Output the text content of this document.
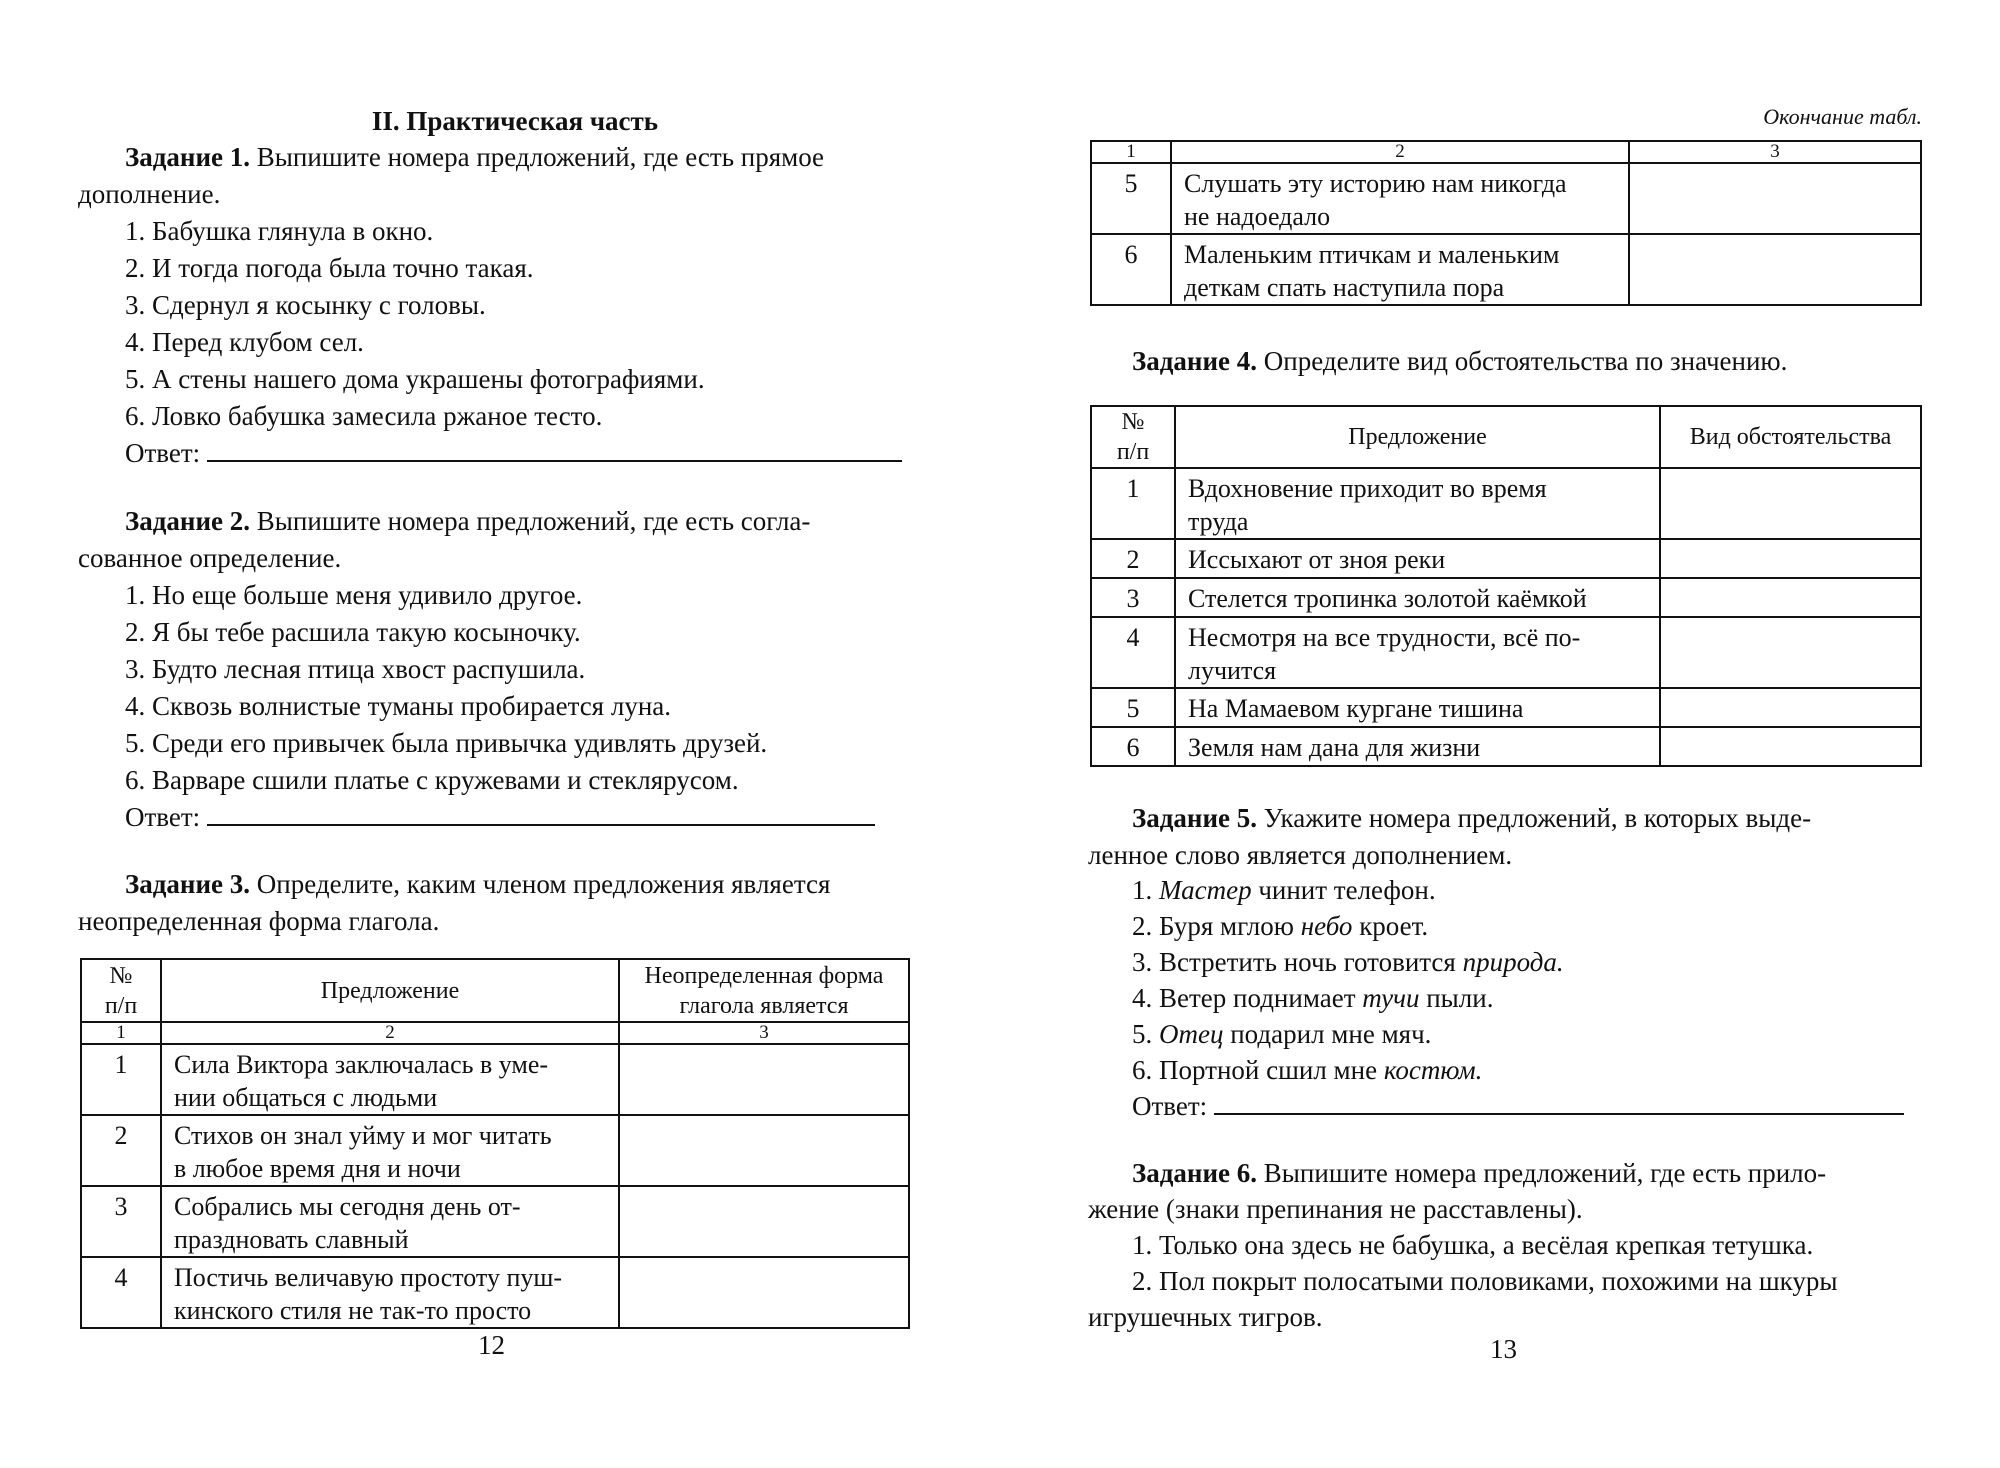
II. Практическая часть
Задание 1. Выпишите номера предложений, где есть прямое
дополнение.
1. Бабушка глянула в окно.
2. И тогда погода была точно такая.
3. Сдернул я косынку с головы.
4. Перед клубом сел.
5. А стены нашего дома украшены фотографиями.
6. Ловко бабушка замесила ржаное тесто.
Ответ:
Задание 2. Выпишите номера предложений, где есть согла-
сованное определение.
1. Но еще больше меня удивило другое.
2. Я бы тебе расшила такую косыночку.
3. Будто лесная птица хвост распушила.
4. Сквозь волнистые туманы пробирается луна.
5. Среди его привычек была привычка удивлять друзей.
6. Варваре сшили платье с кружевами и стеклярусом.
Ответ:
Задание 3. Определите, каким членом предложения является
неопределенная форма глагола.
№
п/п	Предложение	Неопределенная форма
глагола является
1	2	3
1	Сила Виктора заключалась в уме-
нии общаться с людьми	
2	Стихов он знал уйму и мог читать
в любое время дня и ночи	
3	Собрались мы сегодня день от-
праздновать славный	
4	Постичь величавую простоту пуш-
кинского стиля не так-то просто	
12
Окончание табл.
1	2	3
5	Слушать эту историю нам никогда
не надоедало	
6	Маленьким птичкам и маленьким
деткам спать наступила пора	
Задание 4. Определите вид обстоятельства по значению.
№
п/п	Предложение	Вид обстоятельства
1	Вдохновение приходит во время
труда	
2	Иссыхают от зноя реки	
3	Стелется тропинка золотой каёмкой	
4	Несмотря на все трудности, всё по-
лучится	
5	На Мамаевом кургане тишина	
6	Земля нам дана для жизни	
Задание 5. Укажите номера предложений, в которых выде-
ленное слово является дополнением.
1. Мастер чинит телефон.
2. Буря мглою небо кроет.
3. Встретить ночь готовится природа.
4. Ветер поднимает тучи пыли.
5. Отец подарил мне мяч.
6. Портной сшил мне костюм.
Ответ:
Задание 6. Выпишите номера предложений, где есть прило-
жение (знаки препинания не расставлены).
1. Только она здесь не бабушка, а весёлая крепкая тетушка.
2. Пол покрыт полосатыми половиками, похожими на шкуры
игрушечных тигров.
13
